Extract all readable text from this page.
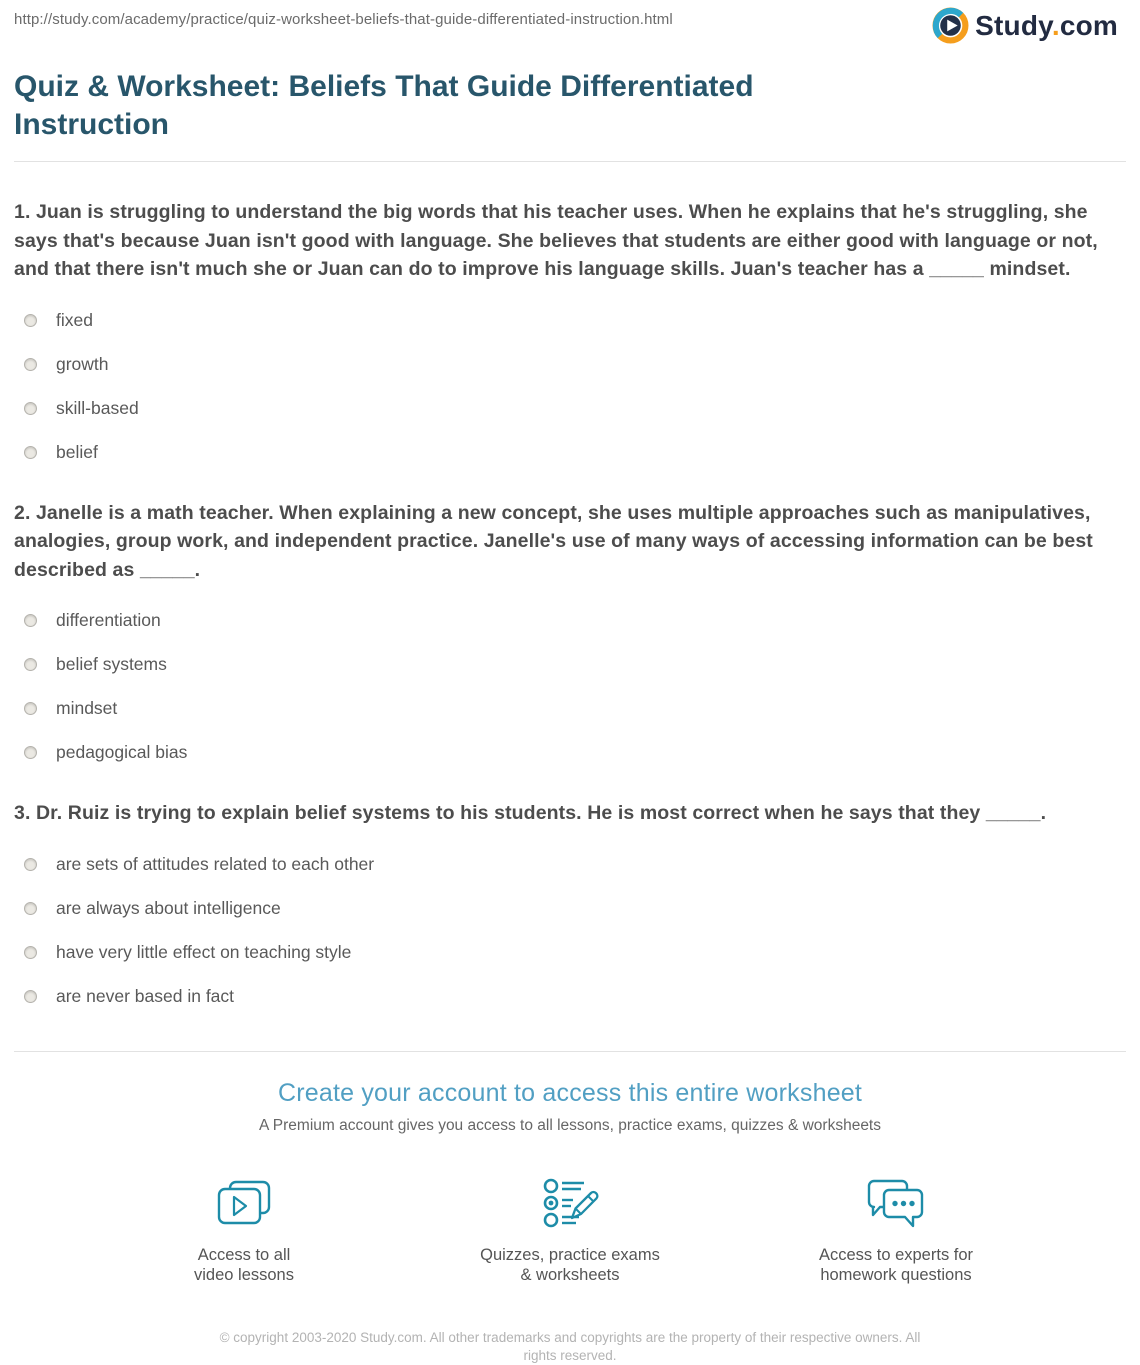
http://study.com/academy/practice/quiz-worksheet-beliefs-that-guide-differentiated-instruction.html	Study.com
Quiz & Worksheet: Beliefs That Guide Differentiated Instruction

1. Juan is struggling to understand the big words that his teacher uses. When he explains that he's struggling, she says that's because Juan isn't good with language. She believes that students are either good with language or not, and that there isn't much she or Juan can do to improve his language skills. Juan's teacher has a _____ mindset.

fixed
growth
skill-based
belief

2. Janelle is a math teacher. When explaining a new concept, she uses multiple approaches such as manipulatives, analogies, group work, and independent practice. Janelle's use of many ways of accessing information can be best described as _____.

differentiation
belief systems
mindset
pedagogical bias

3. Dr. Ruiz is trying to explain belief systems to his students. He is most correct when he says that they _____.

are sets of attitudes related to each other
are always about intelligence
have very little effect on teaching style
are never based in fact
Create your account to access this entire worksheet
A Premium account gives you access to all lessons, practice exams, quizzes & worksheets
Access to all
video lessons
Quizzes, practice exams
& worksheets
Access to experts for
homework questions
© copyright 2003-2020 Study.com. All other trademarks and copyrights are the property of their respective owners. All rights reserved.
